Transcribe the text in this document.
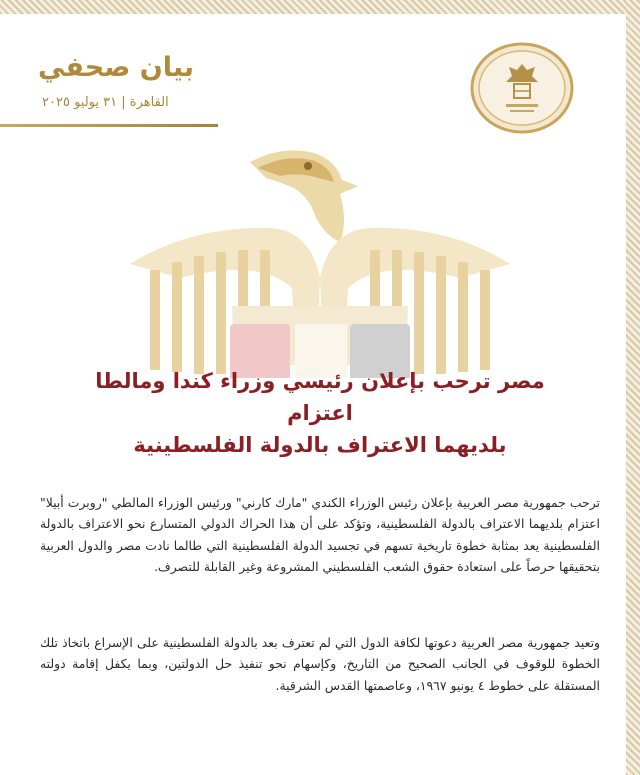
بيان صحفي
القاهرة | ٣١ يوليو ٢٠٢٥
مصر ترحب بإعلان رئيسي وزراء كندا ومالطا اعتزام
بلديهما الاعتراف بالدولة الفلسطينية
ترحب جمهورية مصر العربية بإعلان رئيس الوزراء الكندي "مارك كارني" ورئيس الوزراء المالطي "روبرت أبيلا" اعتزام بلديهما الاعتراف بالدولة الفلسطينية، وتؤكد على أن هذا الحراك الدولي المتسارع نحو الاعتراف بالدولة الفلسطينية يعد بمثابة خطوة تاريخية تسهم في تجسيد الدولة الفلسطينية التي طالما نادت مصر والدول العربية بتحقيقها حرصاً على استعادة حقوق الشعب الفلسطيني المشروعة وغير القابلة للتصرف.
وتعيد جمهورية مصر العربية دعوتها لكافة الدول التي لم تعترف بعد بالدولة الفلسطينية على الإسراع باتخاذ تلك الخطوة للوقوف في الجانب الصحيح من التاريخ، وكإسهام نحو تنفيذ حل الدولتين، وبما يكفل إقامة دولته المستقلة على خطوط ٤ يونيو ١٩٦٧، وعاصمتها القدس الشرقية.
